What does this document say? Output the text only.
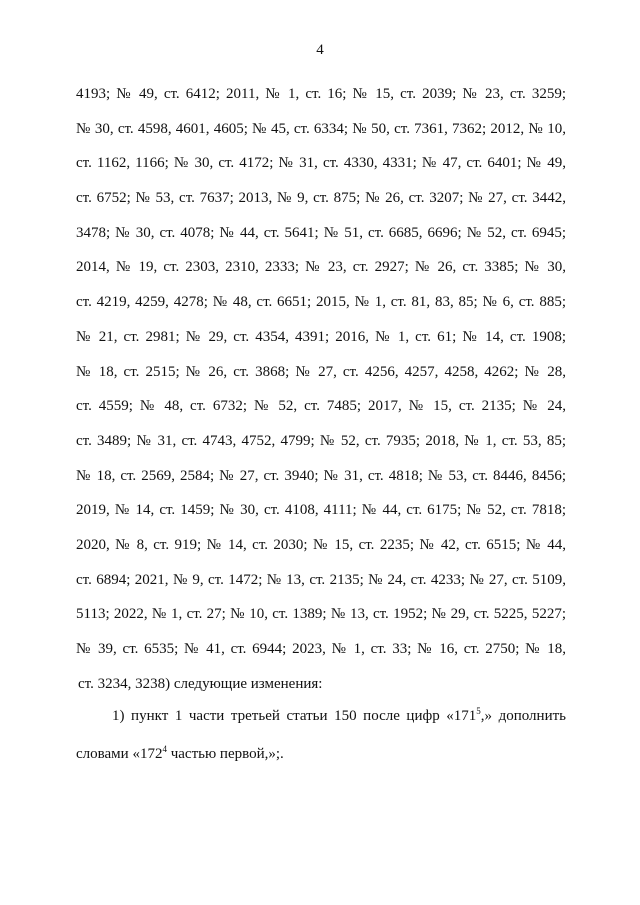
4
4193; № 49, ст. 6412; 2011, № 1, ст. 16; № 15, ст. 2039; № 23, ст. 3259;
№ 30, ст. 4598, 4601, 4605; № 45, ст. 6334; № 50, ст. 7361, 7362; 2012, № 10,
ст. 1162, 1166; № 30, ст. 4172; № 31, ст. 4330, 4331; № 47, ст. 6401; № 49,
ст. 6752; № 53, ст. 7637; 2013, № 9, ст. 875; № 26, ст. 3207; № 27, ст. 3442,
3478; № 30, ст. 4078; № 44, ст. 5641; № 51, ст. 6685, 6696; № 52, ст. 6945;
2014, № 19, ст. 2303, 2310, 2333; № 23, ст. 2927; № 26, ст. 3385; № 30,
ст. 4219, 4259, 4278; № 48, ст. 6651; 2015, № 1, ст. 81, 83, 85; № 6, ст. 885;
№ 21, ст. 2981; № 29, ст. 4354, 4391; 2016, № 1, ст. 61; № 14, ст. 1908;
№ 18, ст. 2515; № 26, ст. 3868; № 27, ст. 4256, 4257, 4258, 4262; № 28,
ст. 4559; № 48, ст. 6732; № 52, ст. 7485; 2017, № 15, ст. 2135; № 24,
ст. 3489; № 31, ст. 4743, 4752, 4799; № 52, ст. 7935; 2018, № 1, ст. 53, 85;
№ 18, ст. 2569, 2584; № 27, ст. 3940; № 31, ст. 4818; № 53, ст. 8446, 8456;
2019, № 14, ст. 1459; № 30, ст. 4108, 4111; № 44, ст. 6175; № 52, ст. 7818;
2020, № 8, ст. 919; № 14, ст. 2030; № 15, ст. 2235; № 42, ст. 6515; № 44,
ст. 6894; 2021, № 9, ст. 1472; № 13, ст. 2135; № 24, ст. 4233; № 27, ст. 5109,
5113; 2022, № 1, ст. 27; № 10, ст. 1389; № 13, ст. 1952; № 29, ст. 5225, 5227;
№ 39, ст. 6535; № 41, ст. 6944; 2023, № 1, ст. 33; № 16, ст. 2750; № 18,
ст. 3234, 3238) следующие изменения:
1) пункт 1 части третьей статьи 150 после цифр «$171^5$,» дополнить
словами «$172^4$ частью первой,»;.
